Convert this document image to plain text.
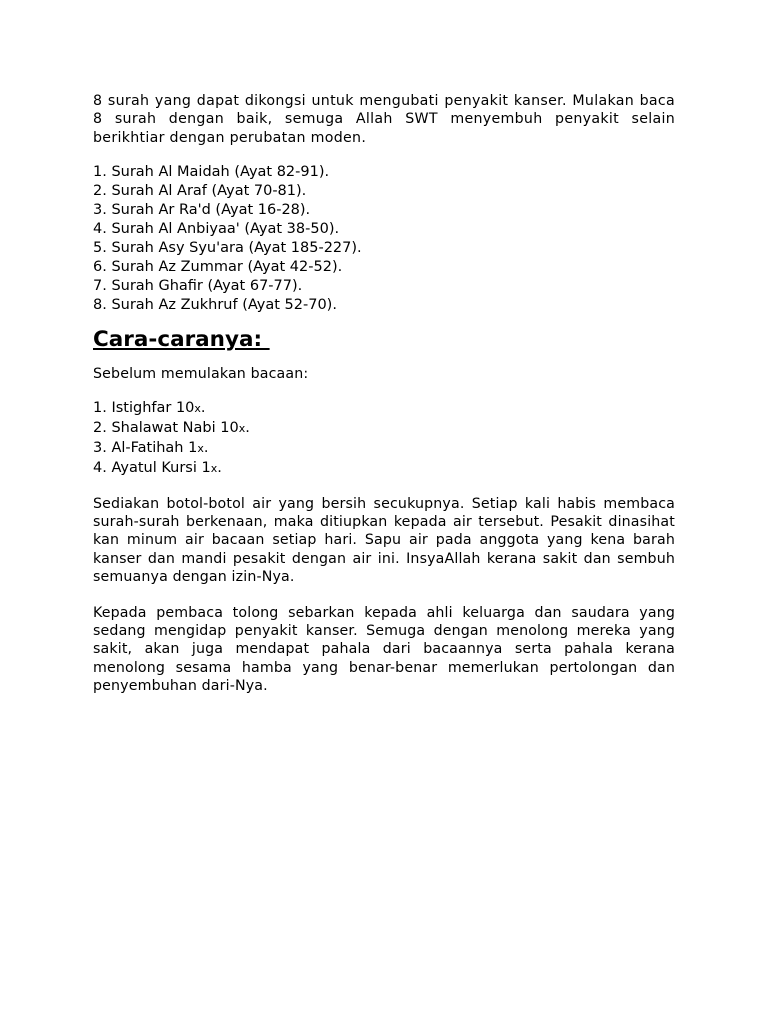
8 surah yang dapat dikongsi untuk mengubati penyakit kanser. Mulakan baca 8 surah dengan baik, semuga Allah SWT menyembuh penyakit selain berikhtiar dengan perubatan moden.

1. Surah Al Maidah (Ayat 82-91).
2. Surah Al Araf (Ayat 70-81).
3. Surah Ar Ra'd (Ayat 16-28).
4. Surah Al Anbiyaa' (Ayat 38-50).
5. Surah Asy Syu'ara (Ayat 185-227).
6. Surah Az Zummar (Ayat 42-52).
7. Surah Ghafir (Ayat 67-77).
8. Surah Az Zukhruf (Ayat 52-70).
Cara-caranya:

Sebelum memulakan bacaan:

1. Istighfar 10x.
2. Shalawat Nabi 10x.
3. Al-Fatihah 1x.
4. Ayatul Kursi 1x.

Sediakan botol-botol air yang bersih secukupnya. Setiap kali habis membaca surah-surah berkenaan, maka ditiupkan kepada air tersebut. Pesakit dinasihat kan minum air bacaan setiap hari. Sapu air pada anggota yang kena barah kanser dan mandi pesakit dengan air ini. InsyaAllah kerana sakit dan sembuh semuanya dengan izin-Nya.

Kepada pembaca tolong sebarkan kepada ahli keluarga dan saudara yang sedang mengidap penyakit kanser. Semuga dengan menolong mereka yang sakit, akan juga mendapat pahala dari bacaannya serta pahala kerana menolong sesama hamba yang benar-benar memerlukan pertolongan dan penyembuhan dari-Nya.
